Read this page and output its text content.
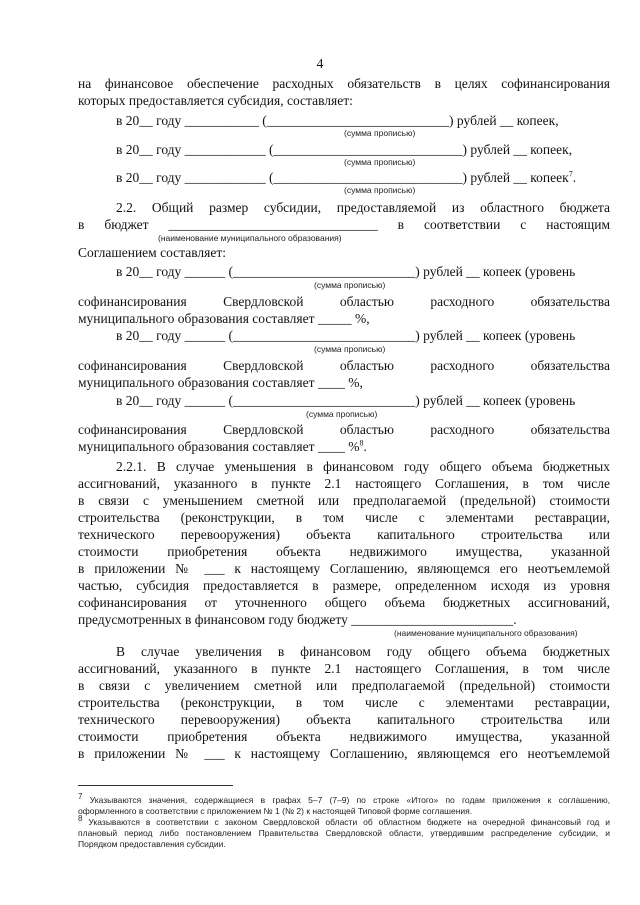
4
на финансовое обеспечение расходных обязательств в целях софинансирования
которых предоставляется субсидия, составляет:
в 20__ году ___________ (___________________________) рублей __ копеек,
(сумма прописью)
в 20__ году ____________ (____________________________) рублей __ копеек,
(сумма прописью)
в 20__ году ____________ (____________________________) рублей __ копеек$^7$.
(сумма прописью)
2.2. Общий размер субсидии, предоставляемой из областного бюджета
в бюджет _______________________________ в соответствии с настоящим
(наименование муниципального образования)
Соглашением составляет:
в 20__ году ______ (___________________________) рублей __ копеек (уровень
(сумма прописью)
софинансирования Свердловской областью расходного обязательства
муниципального образования составляет _____ %,
в 20__ году ______ (___________________________) рублей __ копеек (уровень
(сумма прописью)
софинансирования Свердловской областью расходного обязательства
муниципального образования составляет ____ %,
в 20__ году ______ (___________________________) рублей __ копеек (уровень
(сумма прописью)
софинансирования Свердловской областью расходного обязательства
муниципального образования составляет ____ %$^8$.
2.2.1. В случае уменьшения в финансовом году общего объема бюджетных
ассигнований, указанного в пункте 2.1 настоящего Соглашения, в том числе
в связи с уменьшением сметной или предполагаемой (предельной) стоимости
строительства (реконструкции, в том числе с элементами реставрации,
технического перевооружения) объекта капитального строительства или
стоимости приобретения объекта недвижимого имущества, указанной
в приложении № ___ к настоящему Соглашению, являющемся его неотъемлемой
частью, субсидия предоставляется в размере, определенном исходя из уровня
софинансирования от уточненного общего объема бюджетных ассигнований,
предусмотренных в финансовом году бюджету ________________________.
(наименование муниципального образования)
В случае увеличения в финансовом году общего объема бюджетных
ассигнований, указанного в пункте 2.1 настоящего Соглашения, в том числе
в связи с увеличением сметной или предполагаемой (предельной) стоимости
строительства (реконструкции, в том числе с элементами реставрации,
технического перевооружения) объекта капитального строительства или
стоимости приобретения объекта недвижимого имущества, указанной
в приложении № ___ к настоящему Соглашению, являющемся его неотъемлемой
$^7$ Указываются значения, содержащиеся в графах 5–7 (7–9) по строке «Итого» по годам приложения к соглашению,
оформленного в соответствии с приложением № 1 (№ 2) к настоящей Типовой форме соглашения.
$^8$ Указываются в соответствии с законом Свердловской области об областном бюджете на очередной финансовый год и
плановый период либо постановлением Правительства Свердловской области, утвердившим распределение субсидии, и
Порядком предоставления субсидии.
